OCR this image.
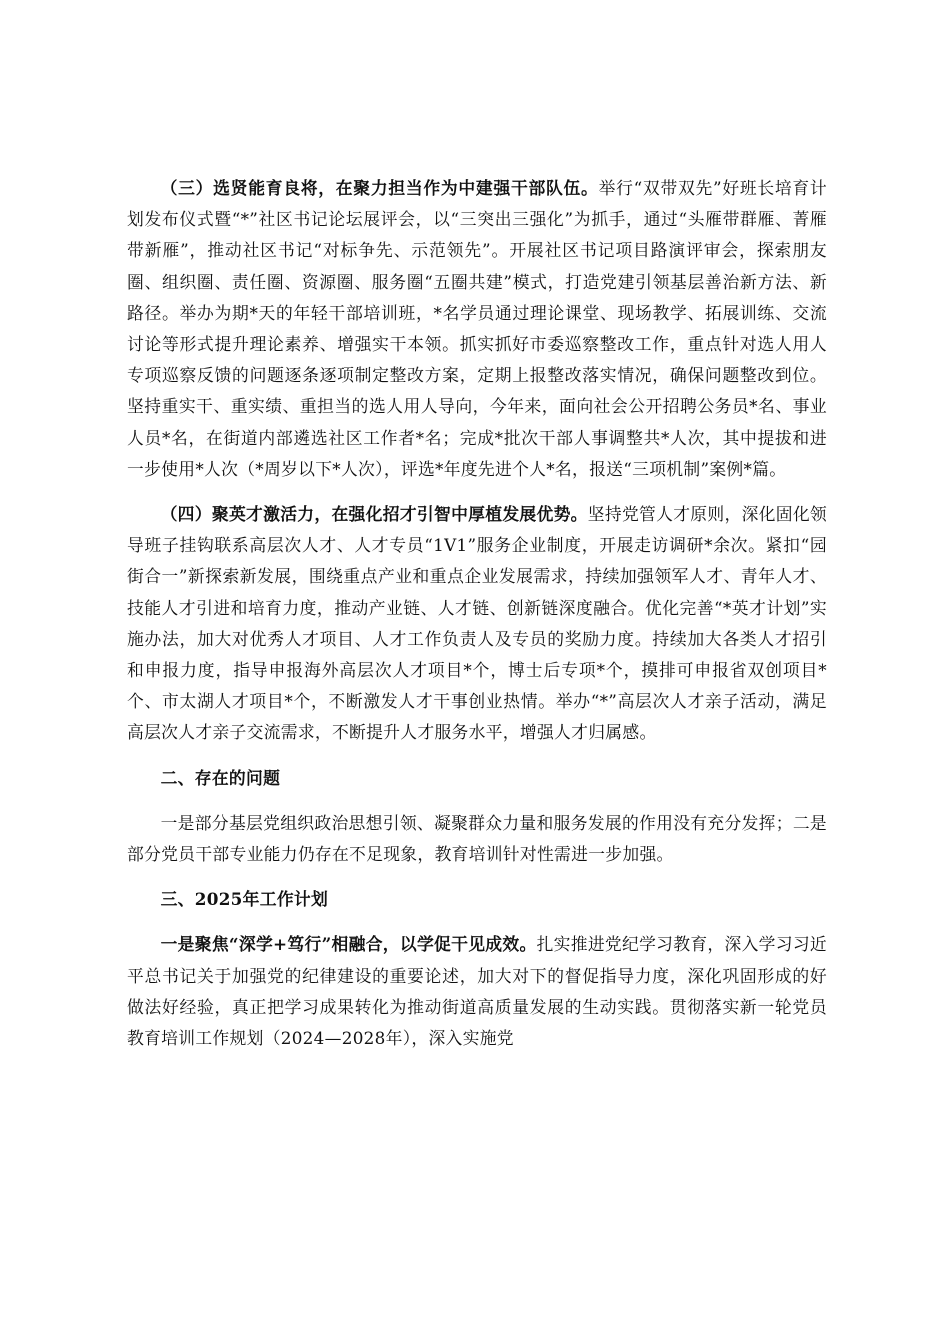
（三）选贤能育良将，在聚力担当作为中建强干部队伍。举行“双带双先”好班长培育计划发布仪式暨“*”社区书记论坛展评会，以“三突出三强化”为抓手，通过“头雁带群雁、菁雁带新雁”，推动社区书记“对标争先、示范领先”。开展社区书记项目路演评审会，探索朋友圈、组织圈、责任圈、资源圈、服务圈“五圈共建”模式，打造党建引领基层善治新方法、新路径。举办为期*天的年轻干部培训班，*名学员通过理论课堂、现场教学、拓展训练、交流讨论等形式提升理论素养、增强实干本领。抓实抓好市委巡察整改工作，重点针对选人用人专项巡察反馈的问题逐条逐项制定整改方案，定期上报整改落实情况，确保问题整改到位。坚持重实干、重实绩、重担当的选人用人导向，今年来，面向社会公开招聘公务员*名、事业人员*名，在街道内部遴选社区工作者*名；完成*批次干部人事调整共*人次，其中提拔和进一步使用*人次（*周岁以下*人次），评选*年度先进个人*名，报送“三项机制”案例*篇。

（四）聚英才激活力，在强化招才引智中厚植发展优势。坚持党管人才原则，深化固化领导班子挂钩联系高层次人才、人才专员“1V1”服务企业制度，开展走访调研*余次。紧扣“园街合一”新探索新发展，围绕重点产业和重点企业发展需求，持续加强领军人才、青年人才、技能人才引进和培育力度，推动产业链、人才链、创新链深度融合。优化完善“*英才计划”实施办法，加大对优秀人才项目、人才工作负责人及专员的奖励力度。持续加大各类人才招引和申报力度，指导申报海外高层次人才项目*个，博士后专项*个，摸排可申报省双创项目*个、市太湖人才项目*个，不断激发人才干事创业热情。举办“*”高层次人才亲子活动，满足高层次人才亲子交流需求，不断提升人才服务水平，增强人才归属感。

二、存在的问题

一是部分基层党组织政治思想引领、凝聚群众力量和服务发展的作用没有充分发挥；二是部分党员干部专业能力仍存在不足现象，教育培训针对性需进一步加强。

三、2025年工作计划

一是聚焦“深学+笃行”相融合，以学促干见成效。扎实推进党纪学习教育，深入学习习近平总书记关于加强党的纪律建设的重要论述，加大对下的督促指导力度，深化巩固形成的好做法好经验，真正把学习成果转化为推动街道高质量发展的生动实践。贯彻落实新一轮党员教育培训工作规划（2024—2028年），深入实施党
